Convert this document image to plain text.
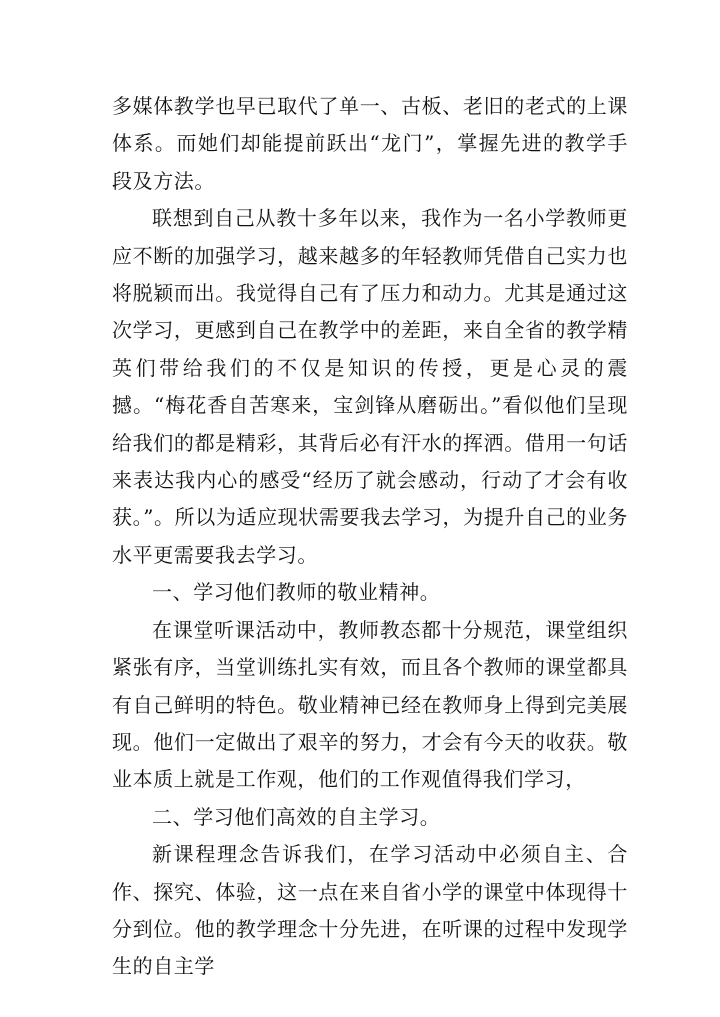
多媒体教学也早已取代了单一、古板、老旧的老式的上课体系。而她们却能提前跃出“龙门”，掌握先进的教学手段及方法。

联想到自己从教十多年以来，我作为一名小学教师更应不断的加强学习，越来越多的年轻教师凭借自己实力也将脱颖而出。我觉得自己有了压力和动力。尤其是通过这次学习，更感到自己在教学中的差距，来自全省的教学精英们带给我们的不仅是知识的传授，更是心灵的震撼。“梅花香自苦寒来，宝剑锋从磨砺出。”看似他们呈现给我们的都是精彩，其背后必有汗水的挥洒。借用一句话来表达我内心的感受“经历了就会感动，行动了才会有收获。”。所以为适应现状需要我去学习，为提升自己的业务水平更需要我去学习。

一、学习他们教师的敬业精神。

在课堂听课活动中，教师教态都十分规范，课堂组织紧张有序，当堂训练扎实有效，而且各个教师的课堂都具有自己鲜明的特色。敬业精神已经在教师身上得到完美展现。他们一定做出了艰辛的努力，才会有今天的收获。敬业本质上就是工作观，他们的工作观值得我们学习，

二、学习他们高效的自主学习。

新课程理念告诉我们，在学习活动中必须自主、合作、探究、体验，这一点在来自省小学的课堂中体现得十分到位。他的教学理念十分先进，在听课的过程中发现学生的自主学
